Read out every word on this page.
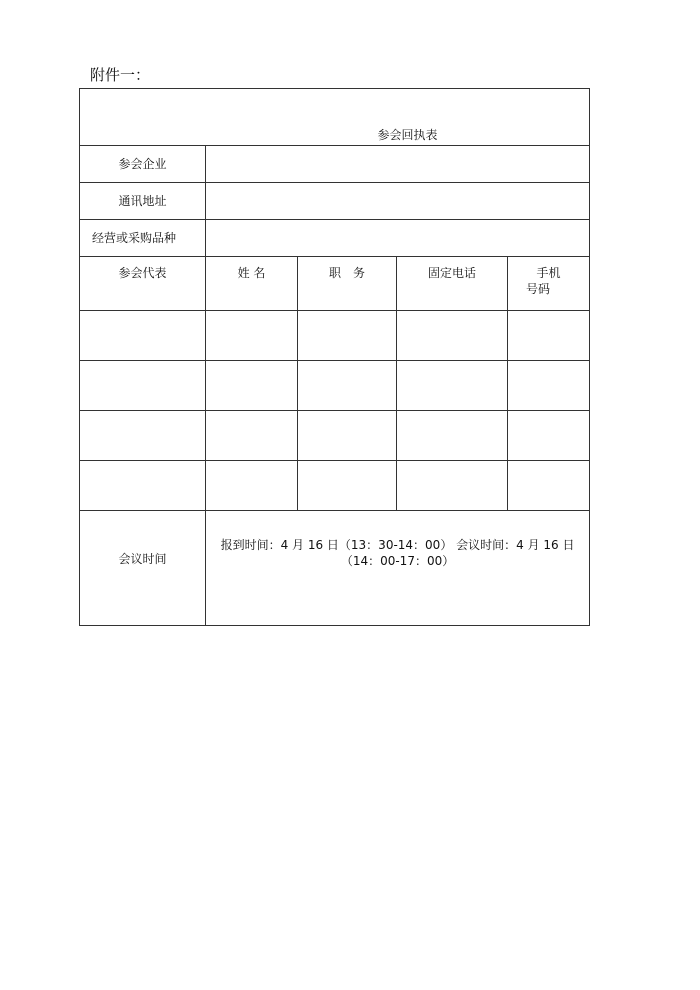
附件一：
参会回执表				
参会企业				
通讯地址				
经营或采购品种				
参会代表	姓 名	职　务	固定电话	手机
号码

会议时间	报到时间：4 月 16 日（13：30-14：00） 会议时间：4 月 16 日（14：00-17：00）			
